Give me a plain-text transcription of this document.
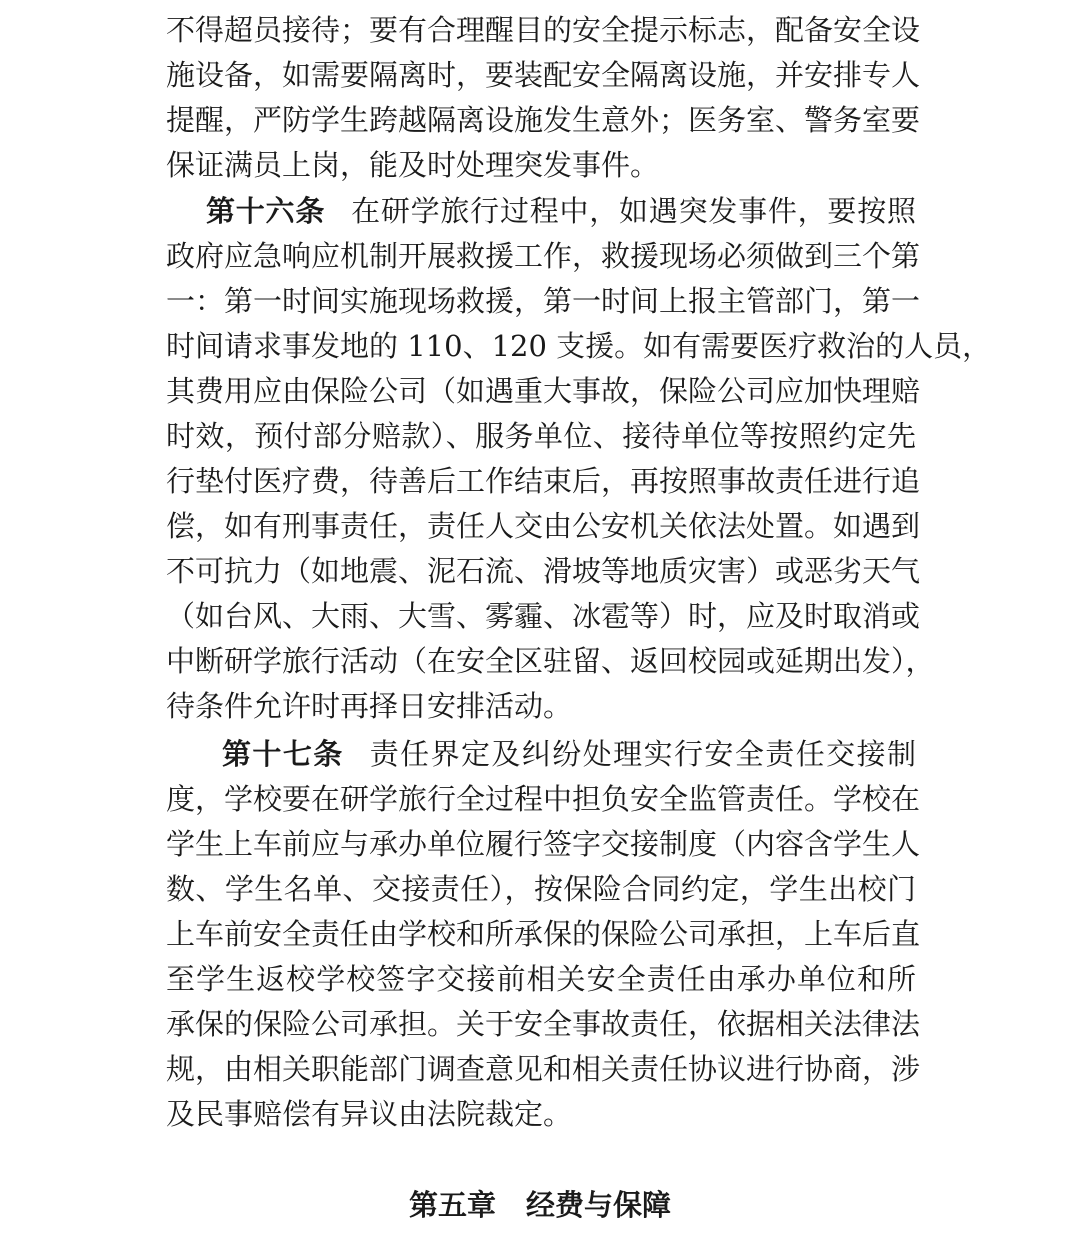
不得超员接待；要有合理醒目的安全提示标志，配备安全设
施设备，如需要隔离时，要装配安全隔离设施，并安排专人
提醒，严防学生跨越隔离设施发生意外；医务室、警务室要
保证满员上岗，能及时处理突发事件。
第十六条 在研学旅行过程中，如遇突发事件，要按照
政府应急响应机制开展救援工作，救援现场必须做到三个第
一：第一时间实施现场救援，第一时间上报主管部门，第一
时间请求事发地的 110、120 支援。如有需要医疗救治的人员，
其费用应由保险公司（如遇重大事故，保险公司应加快理赔
时效，预付部分赔款）、服务单位、接待单位等按照约定先
行垫付医疗费，待善后工作结束后，再按照事故责任进行追
偿，如有刑事责任，责任人交由公安机关依法处置。如遇到
不可抗力（如地震、泥石流、滑坡等地质灾害）或恶劣天气
（如台风、大雨、大雪、雾霾、冰雹等）时，应及时取消或
中断研学旅行活动（在安全区驻留、返回校园或延期出发），
待条件允许时再择日安排活动。
第十七条 责任界定及纠纷处理实行安全责任交接制
度，学校要在研学旅行全过程中担负安全监管责任。学校在
学生上车前应与承办单位履行签字交接制度（内容含学生人
数、学生名单、交接责任），按保险合同约定，学生出校门
上车前安全责任由学校和所承保的保险公司承担，上车后直
至学生返校学校签字交接前相关安全责任由承办单位和所
承保的保险公司承担。关于安全事故责任，依据相关法律法
规，由相关职能部门调查意见和相关责任协议进行协商，涉
及民事赔偿有异议由法院裁定。
第五章 经费与保障
